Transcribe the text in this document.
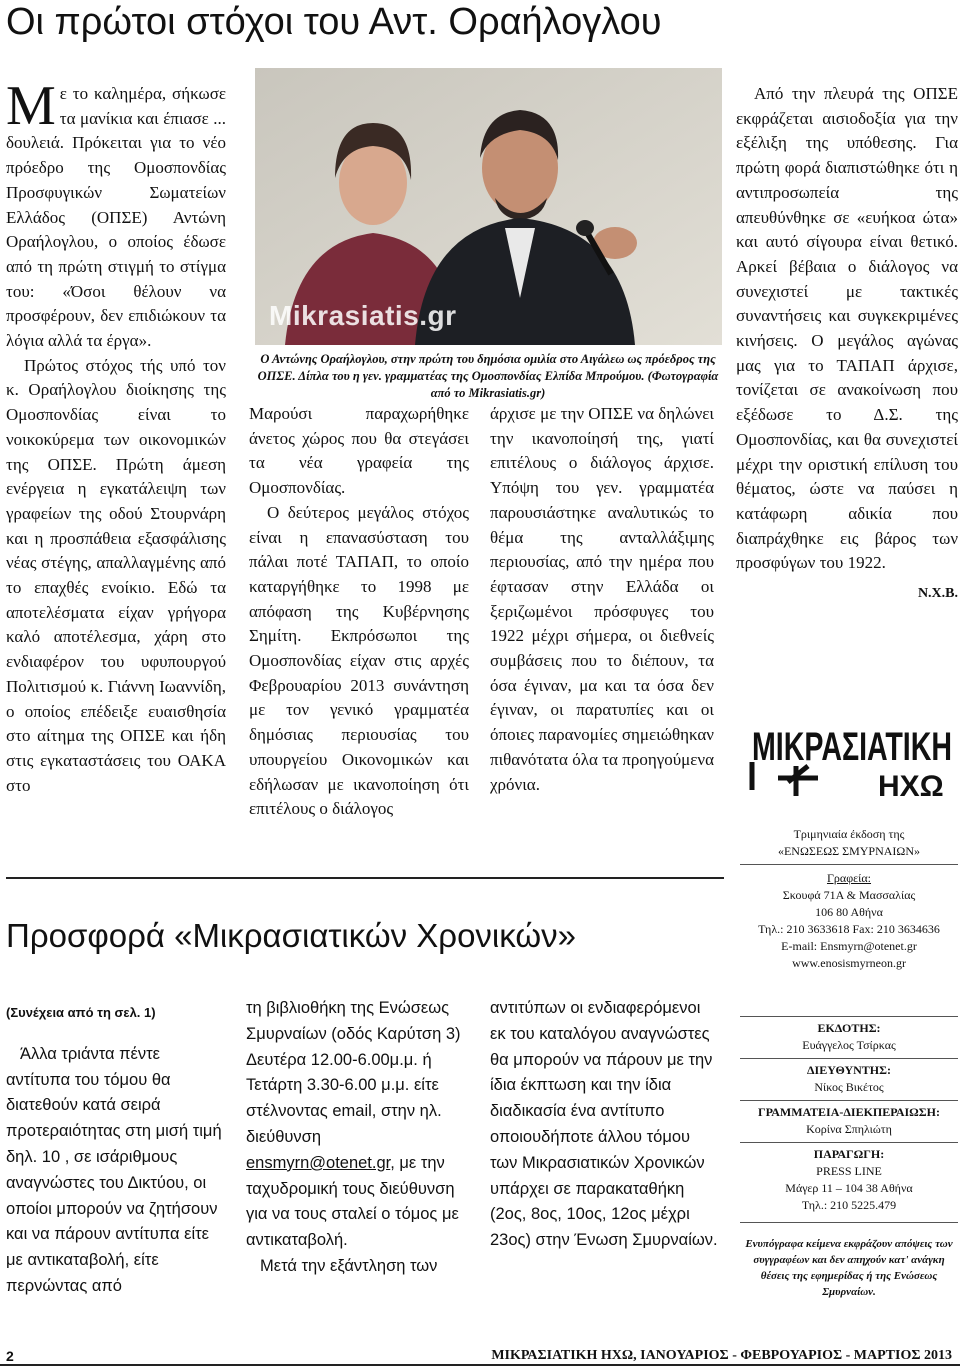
Οι πρώτοι στόχοι του Αντ. Οραήλογλου

Με το καλημέρα, σήκωσε τα μανίκια και έπιασε ... δουλειά. Πρόκειται για το νέο πρόεδρο της Ομοσπονδίας Προσφυγικών Σωματείων Ελλάδος (ΟΠΣΕ) Αντώνη Οραήλογλου, ο οποίος έδωσε από τη πρώτη στιγμή το στίγμα του: «Όσοι θέλουν να προσφέρουν, δεν επιδιώκουν τα λόγια αλλά τα έργα».

Πρώτος στόχος τής υπό τον κ. Οραήλογλου διοίκησης της Ομοσπονδίας είναι το νοικοκύρεμα των οικονομικών της ΟΠΣΕ. Πρώτη άμεση ενέργεια η εγκατάλειψη των γραφείων της οδού Στουρνάρη και η προσπάθεια εξασφάλισης νέας στέγης, απαλλαγμένης από το επαχθές ενοίκιο. Εδώ τα αποτελέσματα είχαν γρήγορα καλό αποτέλεσμα, χάρη στο ενδιαφέρον του υφυπουργού Πολιτισμού κ. Γιάννη Ιωαννίδη, ο οποίος επέδειξε ευαισθησία στο αίτημα της ΟΠΣΕ και ήδη στις εγκαταστάσεις του ΟΑΚΑ στο

Mikrasiatis.gr
Ο Αντώνης Οραήλογλου, στην πρώτη του δημόσια ομιλία στο Αιγάλεω ως πρόεδρος της ΟΠΣΕ. Δίπλα του η γεν. γραμματέας της Ομοσπονδίας Ελπίδα Μπρούμου. (Φωτογραφία από το Mikrasiatis.gr)

Μαρούσι παραχωρήθηκε άνετος χώρος που θα στεγάσει τα νέα γραφεία της Ομοσπονδίας.

Ο δεύτερος μεγάλος στόχος είναι η επανασύσταση του πάλαι ποτέ ΤΑΠΑΠ, το οποίο καταργήθηκε το 1998 με απόφαση της Κυβέρνησης Σημίτη. Εκπρόσωποι της Ομοσπονδίας είχαν στις αρχές Φεβρουαρίου 2013 συνάντηση με τον γενικό γραμματέα δημόσιας περιουσίας του υπουργείου Οικονομικών και εδήλωσαν με ικανοποίηση ότι επιτέλους ο διάλογος

άρχισε με την ΟΠΣΕ να δηλώνει την ικανοποίησή της, γιατί επιτέλους ο διάλογος άρχισε. Υπόψη του γεν. γραμματέα παρουσιάστηκε αναλυτικώς το θέμα της ανταλλάξιμης περιουσίας, από την ημέρα που έφτασαν στην Ελλάδα οι ξεριζωμένοι πρόσφυγες του 1922 μέχρι σήμερα, οι διεθνείς συμβάσεις που το διέπουν, τα όσα έγιναν, μα και τα όσα δεν έγιναν, οι παρατυπίες και οι όποιες παρανομίες σημειώθηκαν πιθανότατα όλα τα προηγούμενα χρόνια.

Από την πλευρά της ΟΠΣΕ εκφράζεται αισιοδοξία για την εξέλιξη της υπόθεσης. Για πρώτη φορά διαπιστώθηκε ότι η αντιπροσωπεία της απευθύνθηκε σε «ευήκοα ώτα» και αυτό σίγουρα είναι θετικό. Αρκεί βέβαια ο διάλογος να συνεχιστεί με τακτικές συναντήσεις και συγκεκριμένες κινήσεις. Ο μεγάλος αγώνας μας για το ΤΑΠΑΠ άρχισε, τονίζεται σε ανακοίνωση που εξέδωσε το Δ.Σ. της Ομοσπονδίας, και θα συνεχιστεί μέχρι την οριστική επίλυση του θέματος, ώστε να παύσει η κατάφωρη αδικία που διαπράχθηκε εις βάρος των προσφύγων του 1922.

Ν.Χ.Β.

ΜΙΚΡΑΣΙΑΤΙΚΗ
ΗΧΩ
Τριμηνιαία έκδοση της
«ΕΝΩΣΕΩΣ ΣΜΥΡΝΑΙΩΝ»
Γραφεία:
Σκουφά 71Α & Μασσαλίας
106 80 Αθήνα
Τηλ.: 210 3633618 Fax: 210 3634636
E-mail: Ensmyrn@otenet.gr
www.enosismyrneon.gr
ΕΚΔΟΤΗΣ:
Ευάγγελος Τσίρκας
ΔΙΕΥΘΥΝΤΗΣ:
Νίκος Βικέτος
ΓΡΑΜΜΑΤΕΙΑ-ΔΙΕΚΠΕΡΑΙΩΣΗ:
Κορίνα Σπηλιώτη
ΠΑΡΑΓΩΓΗ:
PRESS LINE
Μάγερ 11 – 104 38 Αθήνα
Τηλ.: 210 5225.479
Ενυπόγραφα κείμενα εκφράζουν απόψεις των συγγραφέων και δεν απηχούν κατ' ανάγκη θέσεις της εφημερίδας ή της Ενώσεως Σμυρναίων.
Προσφορά «Μικρασιατικών Χρονικών»

(Συνέχεια από τη σελ. 1)

Άλλα τριάντα πέντε αντίτυπα του τόμου θα διατεθούν κατά σειρά προτεραιότητας στη μισή τιμή δηλ. 10 , σε ισάριθμους αναγνώστες του Δικτύου, οι οποίοι μπορούν να ζητήσουν και να πάρουν αντίτυπα είτε με αντικαταβολή, είτε περνώντας από

τη βιβλιοθήκη της Ενώσεως Σμυρναίων (οδός Καρύτση 3) Δευτέρα 12.00-6.00μ.μ. ή Τετάρτη 3.30-6.00 μ.μ. είτε στέλνοντας email, στην ηλ. διεύθυνση ensmyrn@otenet.gr, με την ταχυδρομική τους διεύθυνση για να τους σταλεί ο τόμος με αντικαταβολή.

Μετά την εξάντληση των

αντιτύπων οι ενδιαφερόμενοι εκ του καταλόγου αναγνώστες θα μπορούν να πάρουν με την ίδια έκπτωση και την ίδια διαδικασία ένα αντίτυπο οποιουδήποτε άλλου τόμου των Μικρασιατικών Χρονικών υπάρχει σε παρακαταθήκη (2ος, 8ος, 10ος, 12ος μέχρι 23ος) στην Ένωση Σμυρναίων.

2	ΜΙΚΡΑΣΙΑΤΙΚΗ ΗΧΩ, ΙΑΝΟΥΑΡΙΟΣ - ΦΕΒΡΟΥΑΡΙΟΣ - ΜΑΡΤΙΟΣ 2013
